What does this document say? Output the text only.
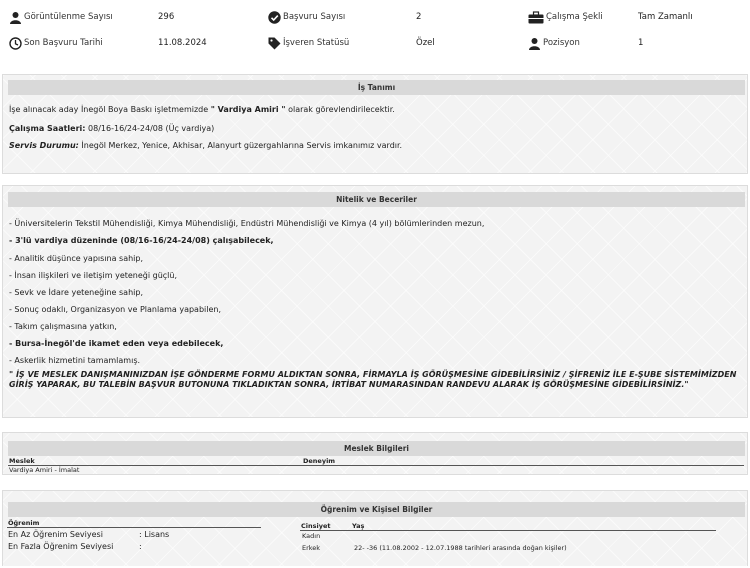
Görüntülenme Sayısı	296	Başvuru Sayısı	2	Çalışma Şekli	Tam Zamanlı
Son Başvuru Tarihi	11.08.2024	İşveren Statüsü	Özel	Pozisyon	1
İş Tanımı
İşe alınacak aday İnegöl Boya Baskı işletmemizde " Vardiya Amiri " olarak görevlendirilecektir.
Çalışma Saatleri: 08/16-16/24-24/08 (Üç vardiya)
Servis Durumu: İnegöl Merkez, Yenice, Akhisar, Alanyurt güzergahlarına Servis imkanımız vardır.
Nitelik ve Beceriler
- Üniversitelerin Tekstil Mühendisliği, Kimya Mühendisliği, Endüstri Mühendisliği ve Kimya (4 yıl) bölümlerinden mezun,
- 3'lü vardiya düzeninde (08/16-16/24-24/08) çalışabilecek,
- Analitik düşünce yapısına sahip,
- İnsan ilişkileri ve iletişim yeteneği güçlü,
- Sevk ve İdare yeteneğine sahip,
- Sonuç odaklı, Organizasyon ve Planlama yapabilen,
- Takım çalışmasına yatkın,
- Bursa-İnegöl'de ikamet eden veya edebilecek,
- Askerlik hizmetini tamamlamış.
" İŞ VE MESLEK DANIŞMANINIZDAN İŞE GÖNDERME FORMU ALDIKTAN SONRA, FİRMAYLA İŞ GÖRÜŞMESİNE GİDEBİLİRSİNİZ / ŞİFRENİZ İLE E-ŞUBE SİSTEMİMİZDEN GİRİŞ YAPARAK, BU TALEBİN BAŞVUR BUTONUNA TIKLADIKTAN SONRA, İRTİBAT NUMARASINDAN RANDEVU ALARAK İŞ GÖRÜŞMESİNE GİDEBİLİRSİNİZ."
Meslek Bilgileri
Meslek	Deneyim
Vardiya Amiri - İmalat
Öğrenim ve Kişisel Bilgiler
Öğrenim
En Az Öğrenim Seviyesi	: Lisans
En Fazla Öğrenim Seviyesi	:
Cinsiyet	Yaş
Kadın
Erkek	22- -36 (11.08.2002 - 12.07.1988 tarihleri arasında doğan kişiler)
